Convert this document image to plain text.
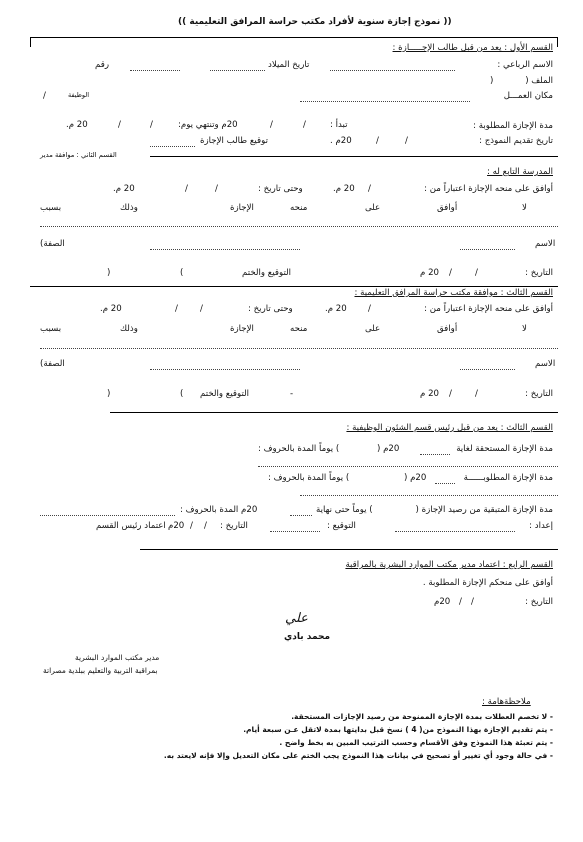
(( نموذج إجازة سنوية لأفراد مكتب حراسة المرافق التعليمية ))
القسم الأول : يعد من قبل طالب الإجـــــازة :
الاسم الرباعي :
تاريخ الميلاد
رقم
الملف (
)
مكان العمـــل
الوظيفة
/
مدة الإجازة المطلوبة :
تبدأ :
/
/
20م وتنتهي يوم:
/
/
20 م.
تاريخ تقديم النموذج :
/
/
20م .
توقيع طالب الإجازة
القسم الثاني : موافقة مدير
المدرسة التابع له :
أوافق على منحه الإجازة اعتباراً من :
/
20 م.
وحتى تاريخ :
/
/
20 م.
لا
أوافق
على
منحه
الإجازة
وذلك
بسبب
الاسم
الصفة)
التاريخ :
/
/
20 م
التوقيع والختم
(
)
القسم الثالث : موافقة مكتب حراسة المرافق التعليمية :
أوافق على منحه الإجازة اعتباراً من :
/
20 م.
وحتى تاريخ :
/
/
20 م.
لا
أوافق
على
منحه
الإجازة
وذلك
بسبب
الاسم
الصفة)
التاريخ :
/
/
20 م
-
التوقيع والختم
(
)
القسم الثالث : يعد من قبل رئيس قسم الشئون الوظيفية :
مدة الإجازة المستحقة لغاية
20م (
) يوماً المدة بالحروف :
مدة الإجازة المطلوبــــــة
20م (
) يوماً المدة بالحروف :
مدة الإجازة المتبقية من رصيد الإجازة (
) يوماً حتى نهاية
20م المدة بالحروف :
إعداد :
التوقيع :
التاريخ :
/
/
20م
اعتماد رئيس القسم
القسم الرابع : اعتماد مدير مكتب الموارد البشرية بالمراقبة
أوافق على منحكم الإجازة المطلوبة .
التاريخ :
/
/
20م
علي
محمد بادي
مدير مكتب الموارد البشرية
بمراقبة التربية والتعليم ببلدية مصراتة
ملاحظةهامة :
- لا تخصم العطلات بمدة الإجازة الممنوحة من رصيد الإجازات المستحقة.
- يتم تقديم الإجازة بهذا النموذج من( 4 ) نسخ قبل بدايتها بمدة لاتقل عـن سبعة أيام.
- يتم تعبئة هذا النموذج وفق الأقسام وحسب الترتيب المبين به بخط واضح .
- في حالة وجود أي تغيير أو تصحيح في بيانات هذا النموذج يجب الختم على مكان التعديل وإلا فإنه لايعتد به.
